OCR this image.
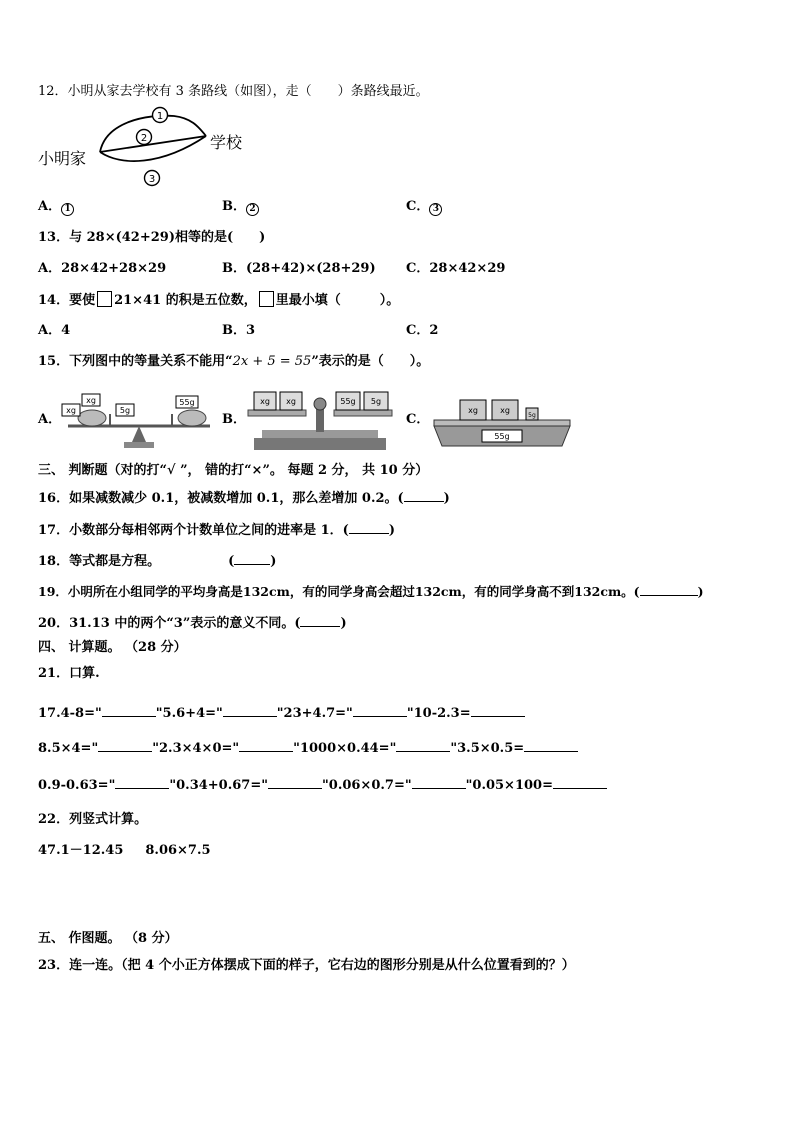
12．小明从家去学校有 3 条路线（如图），走（　　）条路线最近。
1
2
3
小明家
学校
A． 1	B． 2	C． 3
13．与 28×(42+29)相等的是(　　)
A．28×42+28×29	B．(28+42)×(28+29) C．28×42×29
14．要使 21×41 的积是五位数， 里最小填（　　　）。
A．4	B．3	C．2
15．下列图中的等量关系不能用“2x + 5 = 55”表示的是（　　）。
A．
xg
xg
5g
55g
B．
xg xg	55g 5g
C．
xg	xg
5g
55g
三、 判断题（对的打“√ ”， 错的打“×”。 每题 2 分， 共 10 分）
16．如果减数减少 0.1，被减数增加 0.1，那么差增加 0.2。(	)
17．小数部分每相邻两个计数单位之间的进率是 1．(	)
18．等式都是方程。	(	)
19．小明所在小组同学的平均身高是132cm，有的同学身高会超过132cm，有的同学身高不到132cm。(	)
20．31.13 中的两个“3”表示的意义不同。(	)
四、 计算题。 （28 分）
21．口算.
17.4-8="	"5.6+4="	"23+4.7="	"10-2.3=
8.5×4="	"2.3×4×0="	"1000×0.44="	"3.5×0.5=
0.9-0.63="	"0.34+0.67="	"0.06×0.7="	"0.05×100=
22．列竖式计算。
47.1－12.45 8.06×7.5
五、 作图题。 （8 分）
23．连一连。（把 4 个小正方体摆成下面的样子，它右边的图形分别是从什么位置看到的？）
